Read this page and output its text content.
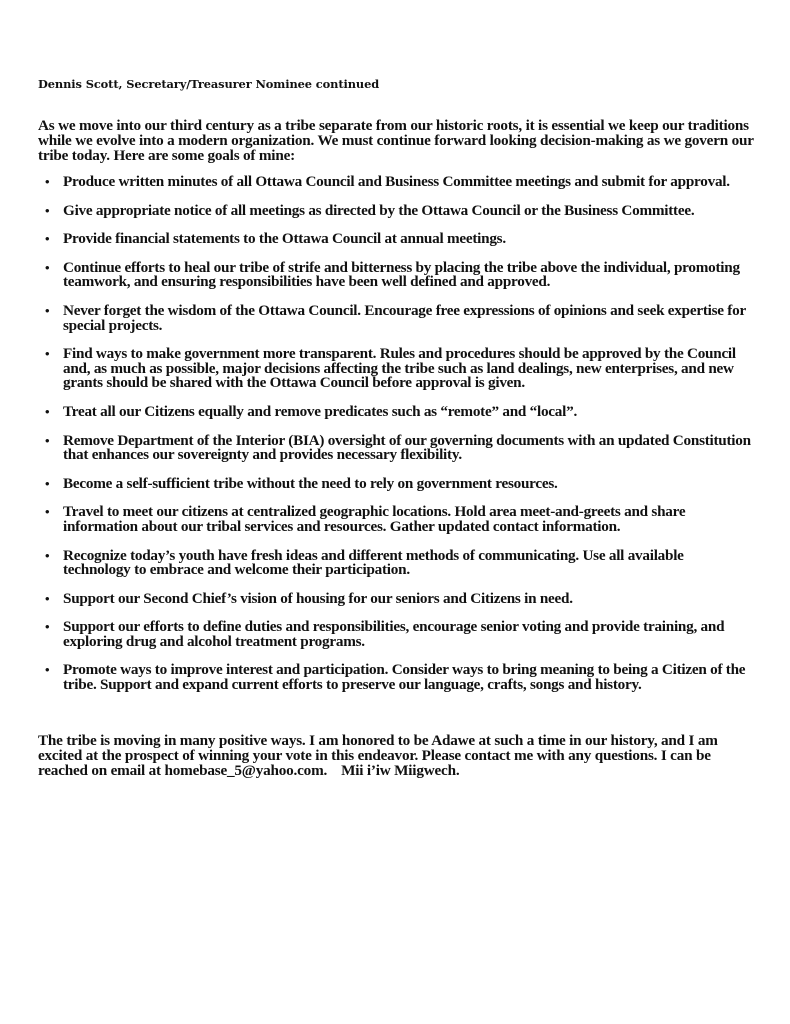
Dennis Scott, Secretary/Treasurer Nominee continued

As we move into our third century as a tribe separate from our historic roots, it is essential we keep our traditions while we evolve into a modern organization. We must continue forward looking decision-making as we govern our tribe today. Here are some goals of mine:

• Produce written minutes of all Ottawa Council and Business Committee meetings and submit for approval.
• Give appropriate notice of all meetings as directed by the Ottawa Council or the Business Committee.
• Provide financial statements to the Ottawa Council at annual meetings.
• Continue efforts to heal our tribe of strife and bitterness by placing the tribe above the individual, promoting teamwork, and ensuring responsibilities have been well defined and approved.
• Never forget the wisdom of the Ottawa Council. Encourage free expressions of opinions and seek expertise for special projects.
• Find ways to make government more transparent. Rules and procedures should be approved by the Council and, as much as possible, major decisions affecting the tribe such as land dealings, new enterprises, and new grants should be shared with the Ottawa Council before approval is given.
• Treat all our Citizens equally and remove predicates such as “remote” and “local”.
• Remove Department of the Interior (BIA) oversight of our governing documents with an updated Constitution that enhances our sovereignty and provides necessary flexibility.
• Become a self-sufficient tribe without the need to rely on government resources.
• Travel to meet our citizens at centralized geographic locations. Hold area meet-and-greets and share information about our tribal services and resources. Gather updated contact information.
• Recognize today’s youth have fresh ideas and different methods of communicating. Use all available technology to embrace and welcome their participation.
• Support our Second Chief’s vision of housing for our seniors and Citizens in need.
• Support our efforts to define duties and responsibilities, encourage senior voting and provide training, and exploring drug and alcohol treatment programs.
• Promote ways to improve interest and participation. Consider ways to bring meaning to being a Citizen of the tribe. Support and expand current efforts to preserve our language, crafts, songs and history.

The tribe is moving in many positive ways. I am honored to be Adawe at such a time in our history, and I am excited at the prospect of winning your vote in this endeavor. Please contact me with any questions. I can be reached on email at homebase_5@yahoo.com. Mii i’iw Miigwech.
